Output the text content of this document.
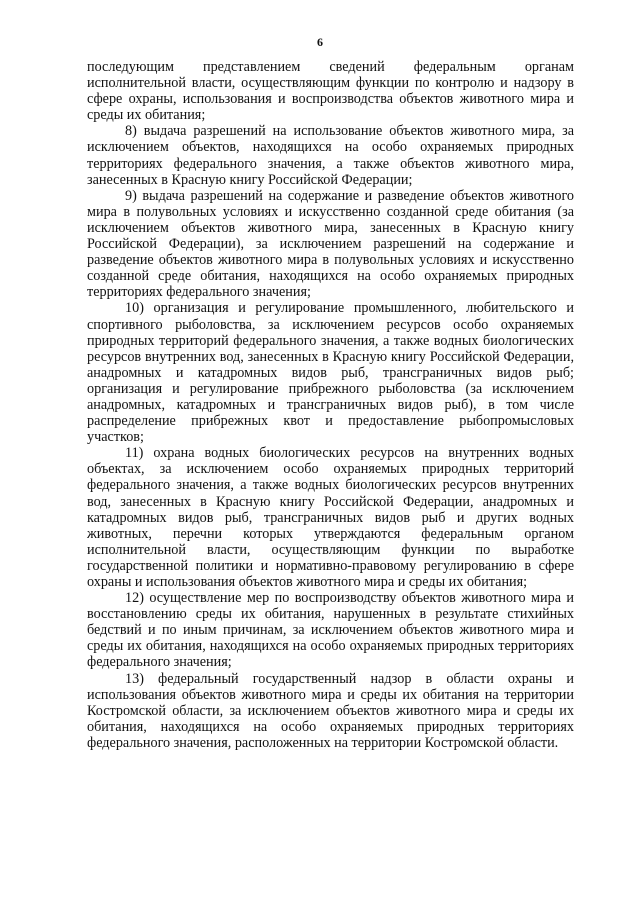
6

последующим представлением сведений федеральным органам исполнительной власти, осуществляющим функции по контролю и надзору в сфере охраны, использования и воспроизводства объектов животного мира и среды их обитания;

8) выдача разрешений на использование объектов животного мира, за исключением объектов, находящихся на особо охраняемых природных территориях федерального значения, а также объектов животного мира, занесенных в Красную книгу Российской Федерации;

9) выдача разрешений на содержание и разведение объектов животного мира в полувольных условиях и искусственно созданной среде обитания (за исключением объектов животного мира, занесенных в Красную книгу Российской Федерации), за исключением разрешений на содержание и разведение объектов животного мира в полувольных условиях и искусственно созданной среде обитания, находящихся на особо охраняемых природных территориях федерального значения;

10) организация и регулирование промышленного, любительского и спортивного рыболовства, за исключением ресурсов особо охраняемых природных территорий федерального значения, а также водных биологических ресурсов внутренних вод, занесенных в Красную книгу Российской Федерации, анадромных и катадромных видов рыб, трансграничных видов рыб; организация и регулирование прибрежного рыболовства (за исключением анадромных, катадромных и трансграничных видов рыб), в том числе распределение прибрежных квот и предоставление рыбопромысловых участков;

11) охрана водных биологических ресурсов на внутренних водных объектах, за исключением особо охраняемых природных территорий федерального значения, а также водных биологических ресурсов внутренних вод, занесенных в Красную книгу Российской Федерации, анадромных и катадромных видов рыб, трансграничных видов рыб и других водных животных, перечни которых утверждаются федеральным органом исполнительной власти, осуществляющим функции по выработке государственной политики и нормативно-правовому регулированию в сфере охраны и использования объектов животного мира и среды их обитания;

12) осуществление мер по воспроизводству объектов животного мира и восстановлению среды их обитания, нарушенных в результате стихийных бедствий и по иным причинам, за исключением объектов животного мира и среды их обитания, находящихся на особо охраняемых природных территориях федерального значения;

13) федеральный государственный надзор в области охраны и использования объектов животного мира и среды их обитания на территории Костромской области, за исключением объектов животного мира и среды их обитания, находящихся на особо охраняемых природных территориях федерального значения, расположенных на территории Костромской области.
